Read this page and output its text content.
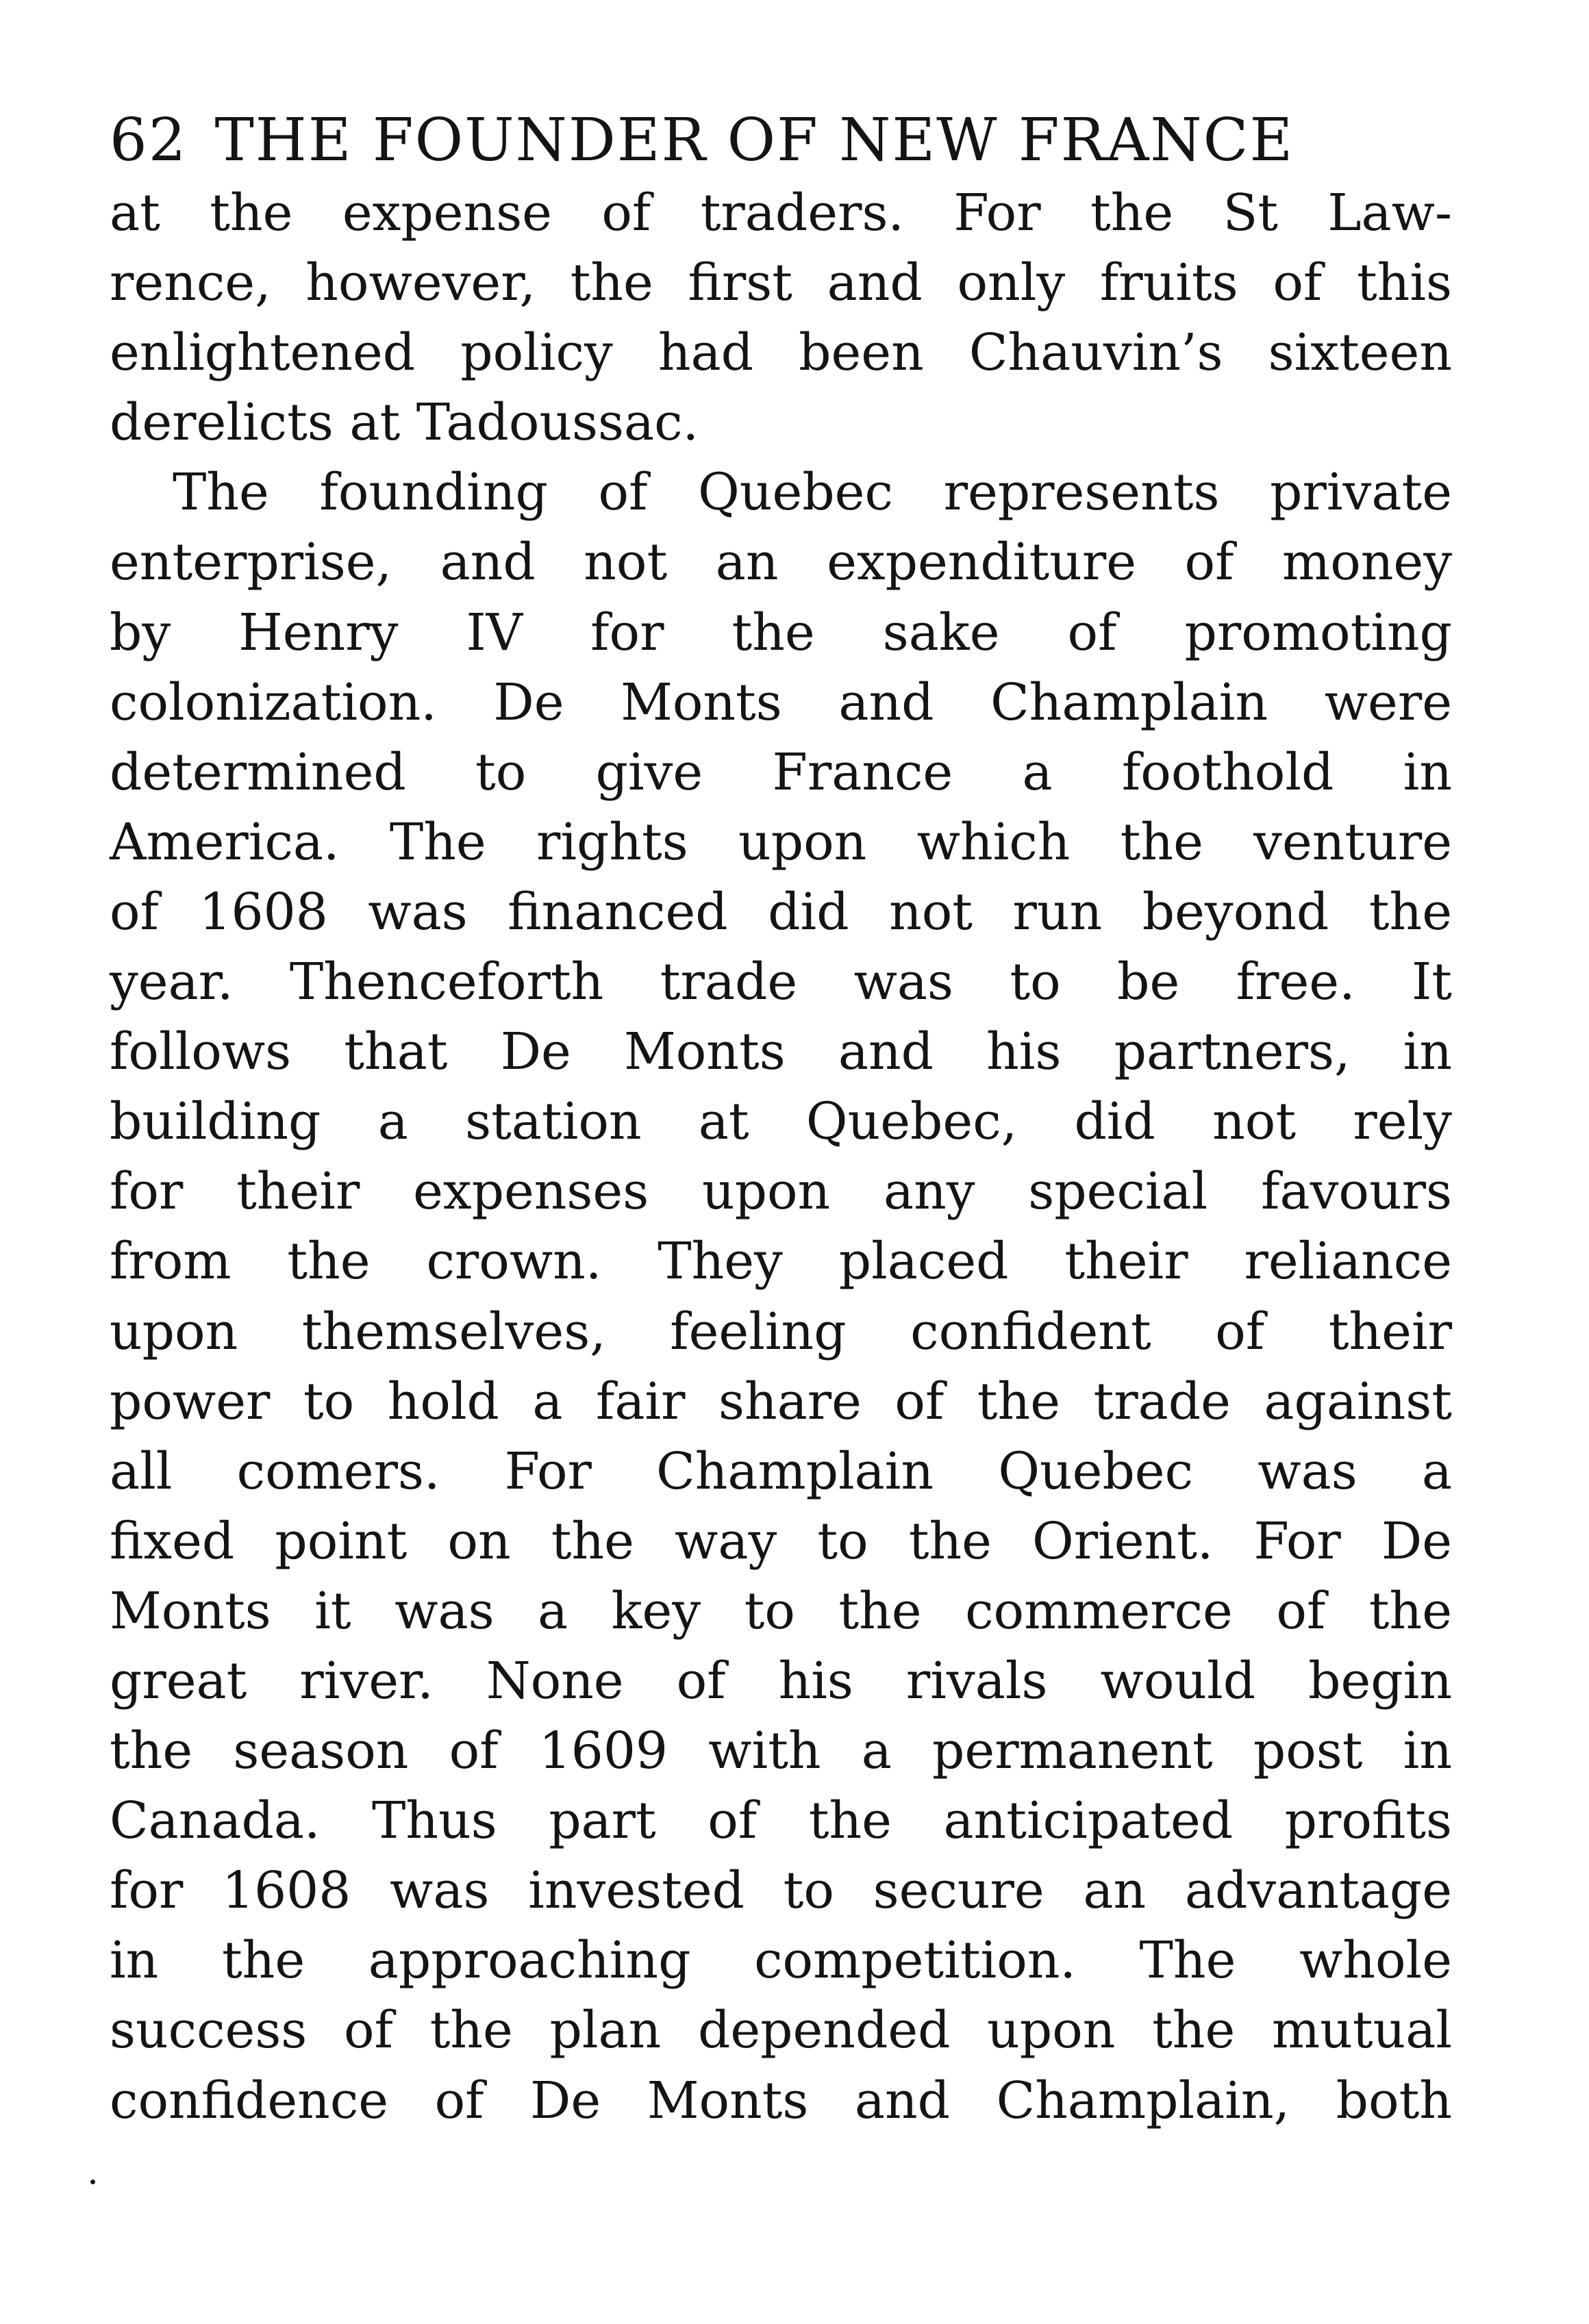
62 THE FOUNDER OF NEW FRANCE
at the expense of traders. For the St Law-
rence, however, the first and only fruits of this
enlightened policy had been Chauvin’s sixteen
derelicts at Tadoussac.
The founding of Quebec represents private
enterprise, and not an expenditure of money
by Henry IV for the sake of promoting
colonization. De Monts and Champlain were
determined to give France a foothold in
America. The rights upon which the venture
of 1608 was financed did not run beyond the
year. Thenceforth trade was to be free. It
follows that De Monts and his partners, in
building a station at Quebec, did not rely
for their expenses upon any special favours
from the crown. They placed their reliance
upon themselves, feeling confident of their
power to hold a fair share of the trade against
all comers. For Champlain Quebec was a
fixed point on the way to the Orient. For De
Monts it was a key to the commerce of the
great river. None of his rivals would begin
the season of 1609 with a permanent post in
Canada. Thus part of the anticipated profits
for 1608 was invested to secure an advantage
in the approaching competition. The whole
success of the plan depended upon the mutual
confidence of De Monts and Champlain, both
